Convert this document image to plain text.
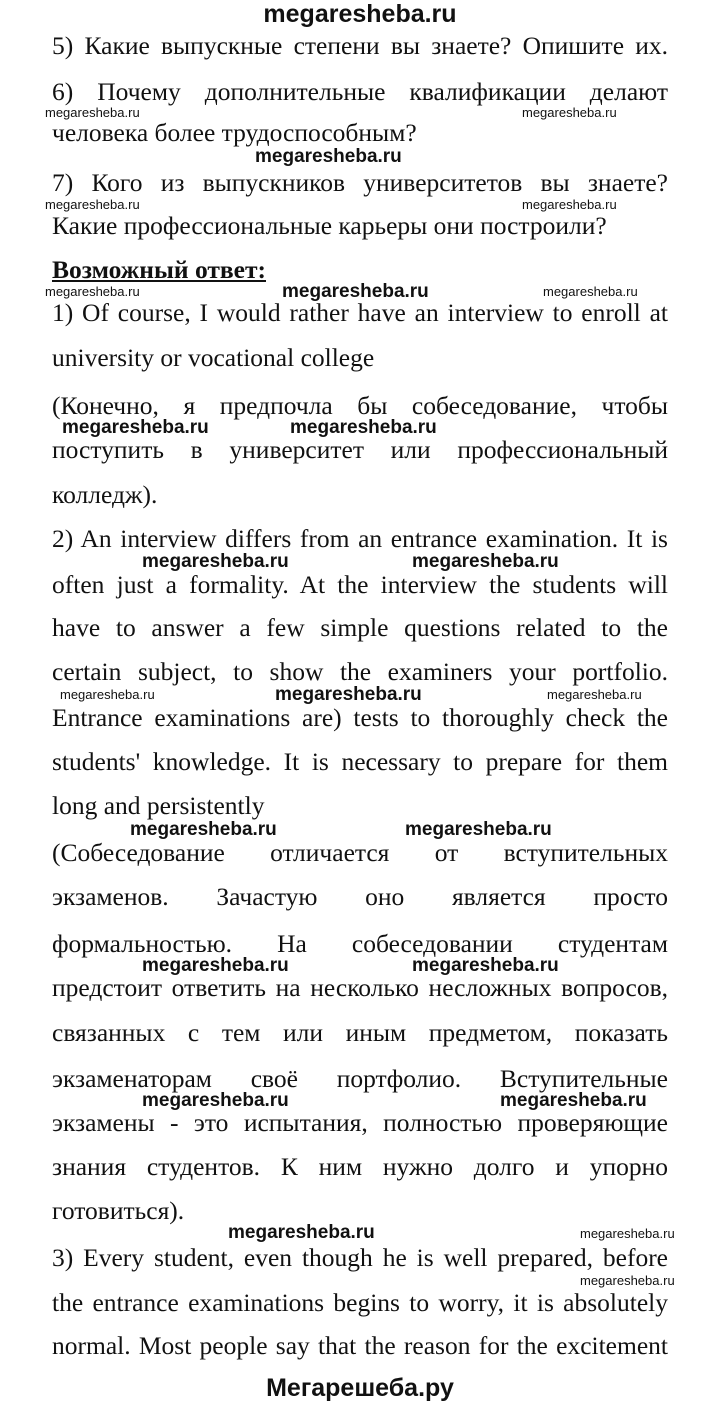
megaresheba.ru
5) Какие выпускные степени вы знаете? Опишите их.
6) Почему дополнительные квалификации делают
человека более трудоспособным?
7) Кого из выпускников университетов вы знаете?
Какие профессиональные карьеры они построили?
Возможный ответ:
1) Of course, I would rather have an interview to enroll at
university or vocational college
(Конечно, я предпочла бы собеседование, чтобы
поступить в университет или профессиональный
колледж).
2) An interview differs from an entrance examination. It is
often just a formality. At the interview the students will
have to answer a few simple questions related to the
certain subject, to show the examiners your portfolio.
Entrance examinations are) tests to thoroughly check the
students' knowledge. It is necessary to prepare for them
long and persistently
(Собеседование отличается от вступительных
экзаменов. Зачастую оно является просто
формальностью. На собеседовании студентам
предстоит ответить на несколько несложных вопросов,
связанных с тем или иным предметом, показать
экзаменаторам своё портфолио. Вступительные
экзамены - это испытания, полностью проверяющие
знания студентов. К ним нужно долго и упорно
готовиться).
3) Every student, even though he is well prepared, before
the entrance examinations begins to worry, it is absolutely
normal. Most people say that the reason for the excitement
megaresheba.ru
megaresheba.ru
megaresheba.ru	megaresheba.ru
megaresheba.ru	megaresheba.ru
megaresheba.ru
megaresheba.ru	megaresheba.ru
megaresheba.ru	megaresheba.ru
megaresheba.ru	megaresheba.ru
megaresheba.ru
megaresheba.ru	megaresheba.ru
megaresheba.ru	megaresheba.ru
megaresheba.ru	megaresheba.ru
megaresheba.ru	megaresheba.ru
megaresheba.ru
megaresheba.ru
Мегарешеба.ру
